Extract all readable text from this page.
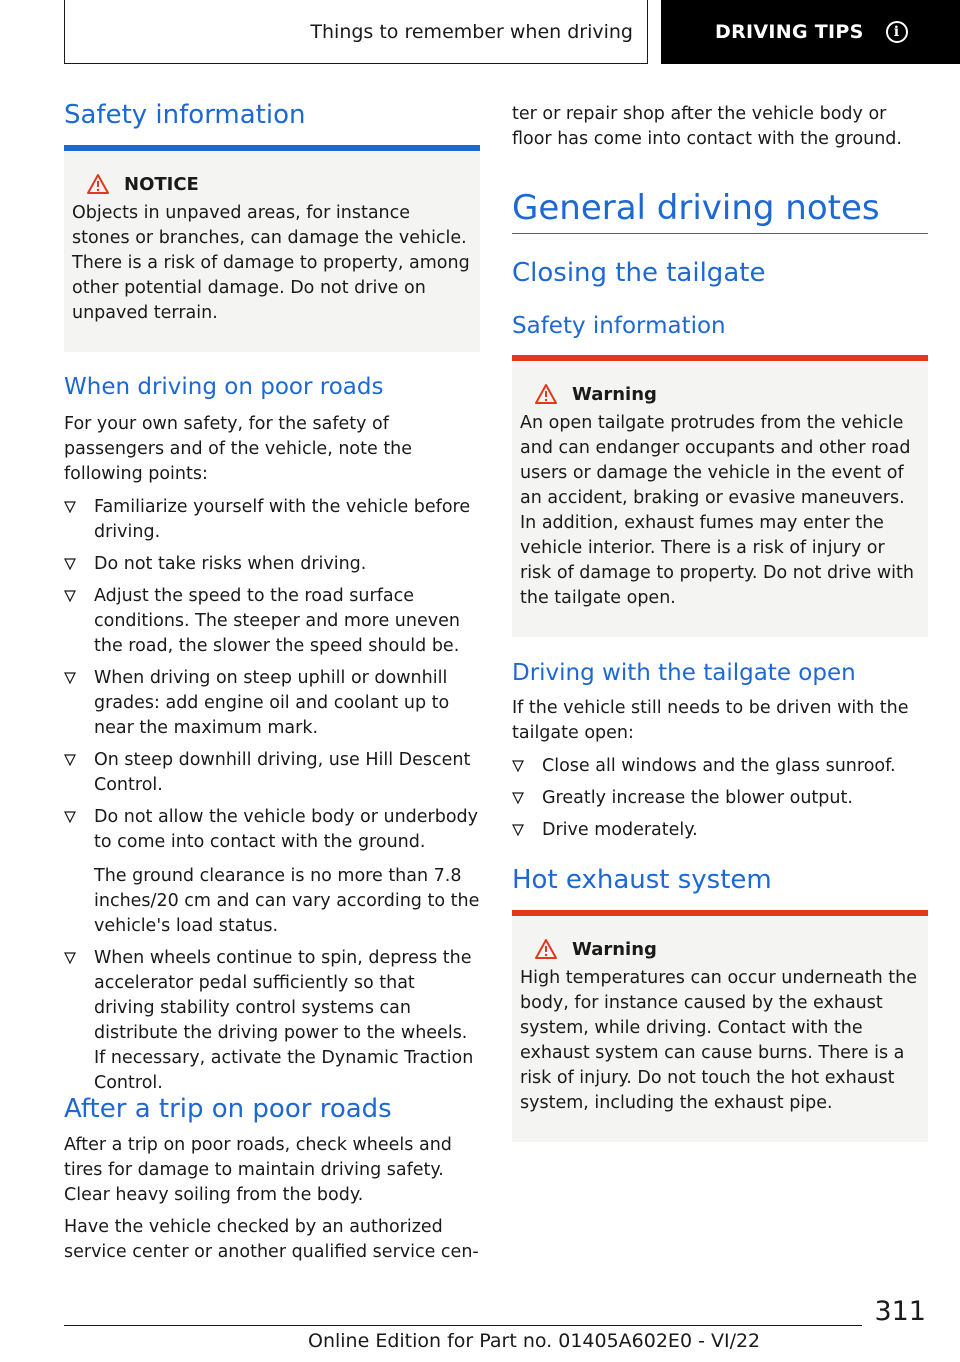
Things to remember when driving	DRIVING TIPS	i
Safety information
NOTICE

Objects in unpaved areas, for instance stones or branches, can damage the vehicle. There is a risk of damage to property, among other potential damage. Do not drive on unpaved terrain.

When driving on poor roads

For your own safety, for the safety of passengers and of the vehicle, note the following points:

Familiarize yourself with the vehicle before driving.
Do not take risks when driving.
Adjust the speed to the road surface conditions. The steeper and more uneven the road, the slower the speed should be.
When driving on steep uphill or downhill grades: add engine oil and coolant up to near the maximum mark.
On steep downhill driving, use Hill Descent Control.
Do not allow the vehicle body or underbody to come into contact with the ground.
The ground clearance is no more than 7.8 inches/20 cm and can vary according to the vehicle's load status.
When wheels continue to spin, depress the accelerator pedal sufficiently so that driving stability control systems can distribute the driving power to the wheels. If necessary, activate the Dynamic Traction Control.
After a trip on poor roads

After a trip on poor roads, check wheels and tires for damage to maintain driving safety. Clear heavy soiling from the body.

Have the vehicle checked by an authorized service center or another qualified service cen-

ter or repair shop after the vehicle body or floor has come into contact with the ground.

General driving notes
Closing the tailgate
Safety information
Warning

An open tailgate protrudes from the vehicle and can endanger occupants and other road users or damage the vehicle in the event of an accident, braking or evasive maneuvers. In addition, exhaust fumes may enter the vehicle interior. There is a risk of injury or risk of damage to property. Do not drive with the tailgate open.

Driving with the tailgate open

If the vehicle still needs to be driven with the tailgate open:

Close all windows and the glass sunroof.
Greatly increase the blower output.
Drive moderately.
Hot exhaust system
Warning

High temperatures can occur underneath the body, for instance caused by the exhaust system, while driving. Contact with the exhaust system can cause burns. There is a risk of injury. Do not touch the hot exhaust system, including the exhaust pipe.

311
Online Edition for Part no. 01405A602E0 - VI/22
